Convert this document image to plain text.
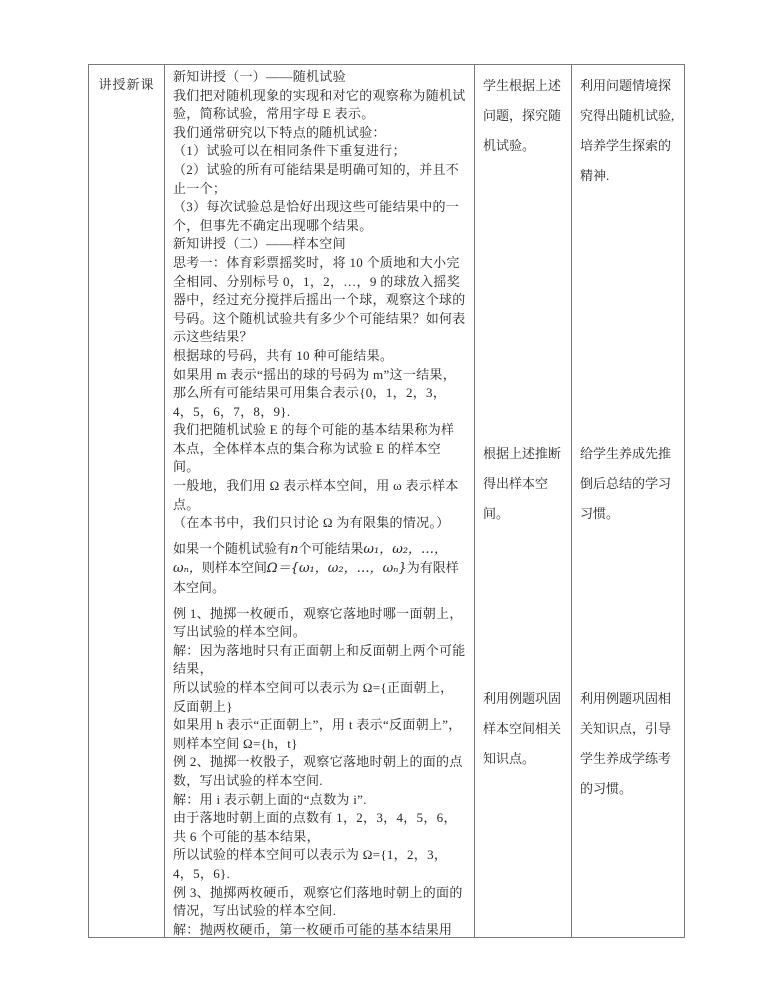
讲授新课

新知讲授（一）——随机试验

我们把对随机现象的实现和对它的观察称为随机试验，简称试验，常用字母 E 表示。

我们通常研究以下特点的随机试验：

（1）试验可以在相同条件下重复进行；

（2）试验的所有可能结果是明确可知的，并且不止一个；

（3）每次试验总是恰好出现这些可能结果中的一个，但事先不确定出现哪个结果。

新知讲授（二）——样本空间

思考一：体育彩票摇奖时，将 10 个质地和大小完全相同、分别标号 0，1，2，…，9 的球放入摇奖器中，经过充分搅拌后摇出一个球，观察这个球的号码。这个随机试验共有多少个可能结果？如何表示这些结果？

根据球的号码，共有 10 种可能结果。

如果用 m 表示“摇出的球的号码为 m”这一结果，那么所有可能结果可用集合表示{0，1，2，3，4，5，6，7，8，9}.

我们把随机试验 E 的每个可能的基本结果称为样本点，全体样本点的集合称为试验 E 的样本空间。

一般地，我们用 Ω 表示样本空间，用 ω 表示样本点。

（在本书中，我们只讨论 Ω 为有限集的情况。）

如果一个随机试验有n个可能结果ω₁，ω₂，…，ωₙ，则样本空间Ω＝{ω₁，ω₂，…，ωₙ}为有限样本空间。

例 1、抛掷一枚硬币，观察它落地时哪一面朝上，写出试验的样本空间。

解：因为落地时只有正面朝上和反面朝上两个可能结果，

所以试验的样本空间可以表示为 Ω={正面朝上，反面朝上}

如果用 h 表示“正面朝上”，用 t 表示“反面朝上”，

则样本空间 Ω={h，t}

例 2、抛掷一枚骰子，观察它落地时朝上的面的点数，写出试验的样本空间.

解：用 i 表示朝上面的“点数为 i”.

由于落地时朝上面的点数有 1，2，3，4，5，6，共 6 个可能的基本结果，

所以试验的样本空间可以表示为 Ω={1，2，3，4，5，6}.

例 3、抛掷两枚硬币，观察它们落地时朝上的面的情况，写出试验的样本空间.

解：抛两枚硬币，第一枚硬币可能的基本结果用

学生根据上述问题，探究随机试验。
根据上述推断得出样本空间。
利用例题巩固样本空间相关知识点。
利用问题情境探究得出随机试验,培养学生探索的精神.
给学生养成先推倒后总结的学习习惯。
利用例题巩固相关知识点，引导学生养成学练考的习惯。
